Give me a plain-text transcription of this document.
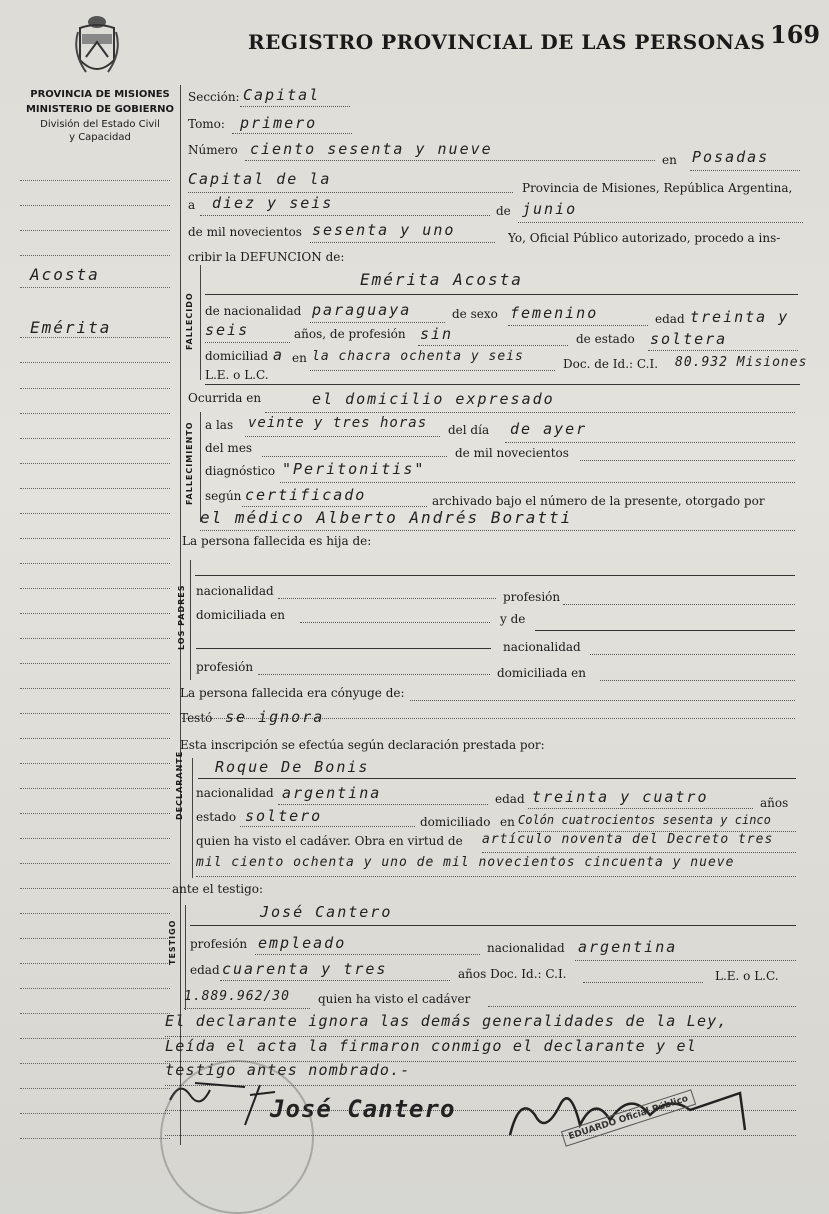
REGISTRO PROVINCIAL DE LAS PERSONAS 169
PROVINCIA DE MISIONES
MINISTERIO DE GOBIERNO
División del Estado Civil
y Capacidad
Acosta
Emérita
Sección: Capital
Tomo: primero
Número ciento sesenta y nueve
en Posadas
Capital de la	Provincia de Misiones, República Argentina,
a diez y seis	de junio
de mil novecientos sesenta y uno	Yo, Oficial Público autorizado, procedo a ins-
cribir la DEFUNCION de:
FALLECIDO
Emérita Acosta
de nacionalidad paraguaya	de sexo femenino	edad treinta y
seis	años, de profesión sin	de estado soltera
domiciliad a en la chacra ochenta y seis	Doc. de Id.: C.I. 80.932 Misiones
L.E. o L.C.
Ocurrida en	el domicilio expresado
FALLECIMIENTO a las veinte y tres horas del día de ayer
del mes	de mil novecientos
diagnóstico "Peritonitis"
según certificado	archivado bajo el número de la presente, otorgado por
el médico Alberto Andrés Boratti
La persona fallecida es hija de:
LOS PADRES nacionalidad	profesión
domiciliada en	y de
nacionalidad
profesión	domiciliada en
La persona fallecida era cónyuge de:
Testó se ignora
Esta inscripción se efectúa según declaración prestada por:
DECLARANTE Roque De Bonis
nacionalidad argentina	edad treinta y cuatro	años
estado soltero	domiciliado en Colón cuatrocientos sesenta y cinco
quien ha visto el cadáver. Obra en virtud de artículo noventa del Decreto tres
mil ciento ochenta y uno de mil novecientos cincuenta y nueve
ante el testigo:
TESTIGO
José Cantero
profesión empleado	nacionalidad argentina
edad cuarenta y tres	años Doc. Id.: C.I.	L.E. o L.C.
1.889.962/30 quien ha visto el cadáver
El declarante ignora las demás generalidades de la Ley,
Leída el acta la firmaron conmigo el declarante y el
testigo antes nombrado.-
José Cantero
EDUARDO Oficial Público
